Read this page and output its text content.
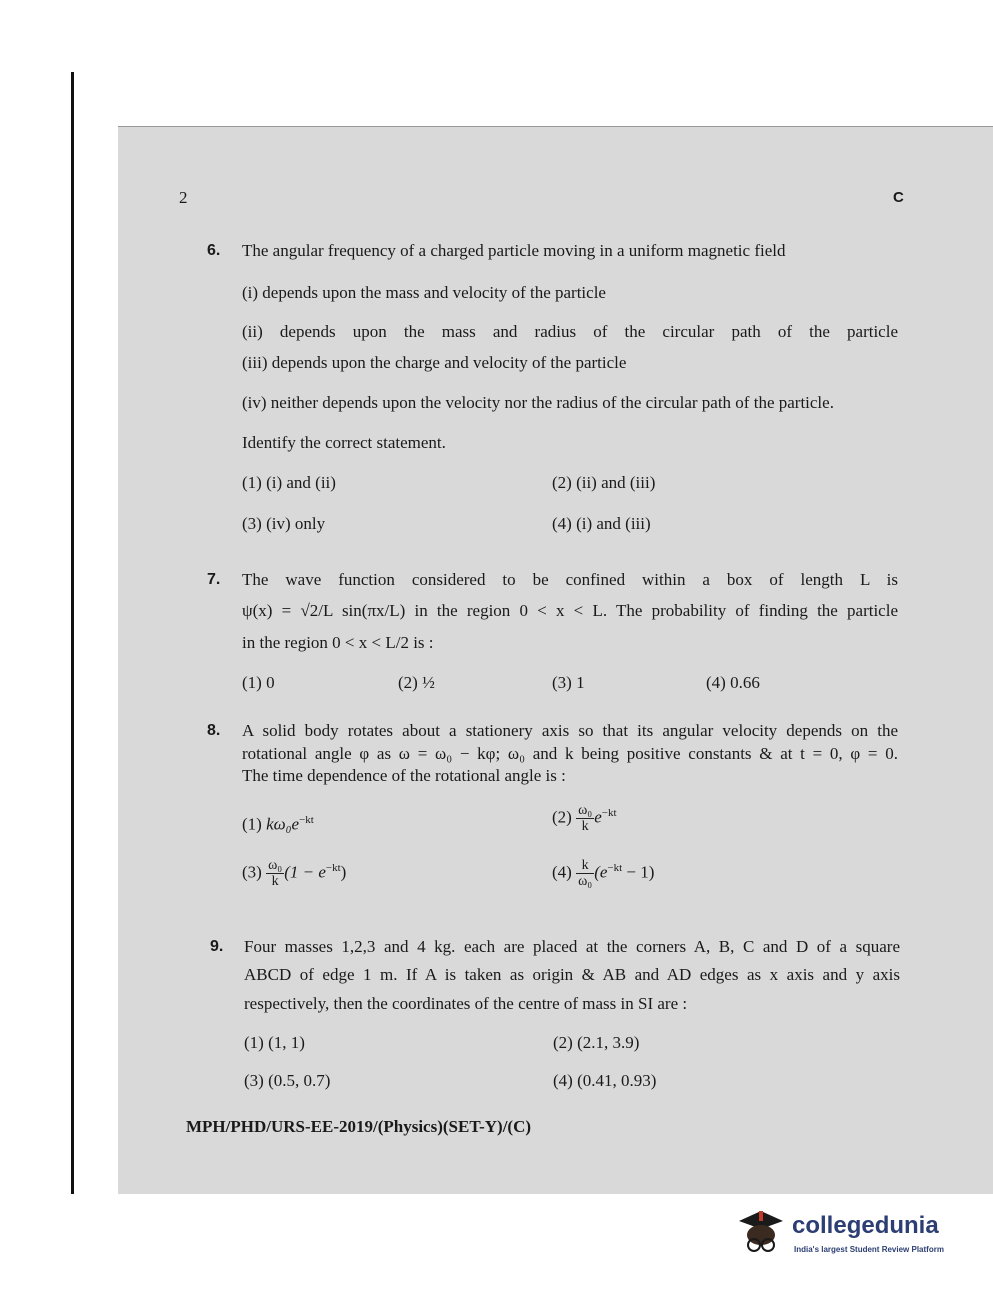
2	C
6. The angular frequency of a charged particle moving in a uniform magnetic field
(i) depends upon the mass and velocity of the particle
(ii) depends upon the mass and radius of the circular path of the particle
(iii) depends upon the charge and velocity of the particle
(iv) neither depends upon the velocity nor the radius of the circular path of the particle.
Identify the correct statement.
(1) (i) and (ii)	(2) (ii) and (iii)
(3) (iv) only	(4) (i) and (iii)
7. The wave function considered to be confined within a box of length L is
ψ(x) = √2/L sin(πx/L) in the region 0 < x < L. The probability of finding the particle
in the region 0 < x < L/2 is :
(1) 0	(2) ½	(3) 1	(4) 0.66
8. A solid body rotates about a stationery axis so that its angular velocity depends on the
rotational angle φ as ω = ω₀ − kφ; ω₀ and k being positive constants & at t = 0, φ = 0.
The time dependence of the rotational angle is :
(1) $k\omega_0e^{-kt}$	$(2) \frac{\text{ω₀}}{k} e^{-kt}$
$(3) \frac{\text{ω₀}}{k} (1 - e^{-kt})$	$(4) \frac{k}{\text{ω₀}} (e^{-kt} - 1)$
9. Four masses 1,2,3 and 4 kg. each are placed at the corners A, B, C and D of a square
ABCD of edge 1 m. If A is taken as origin & AB and AD edges as x axis and y axis
respectively, then the coordinates of the centre of mass in SI are :
(1) (1, 1)	(2) (2.1, 3.9)
(3) (0.5, 0.7)	(4) (0.41, 0.93)
MPH/PHD/URS-EE-2019/(Physics)(SET-Y)/(C)
collegedunia
India's largest Student Review Platform
